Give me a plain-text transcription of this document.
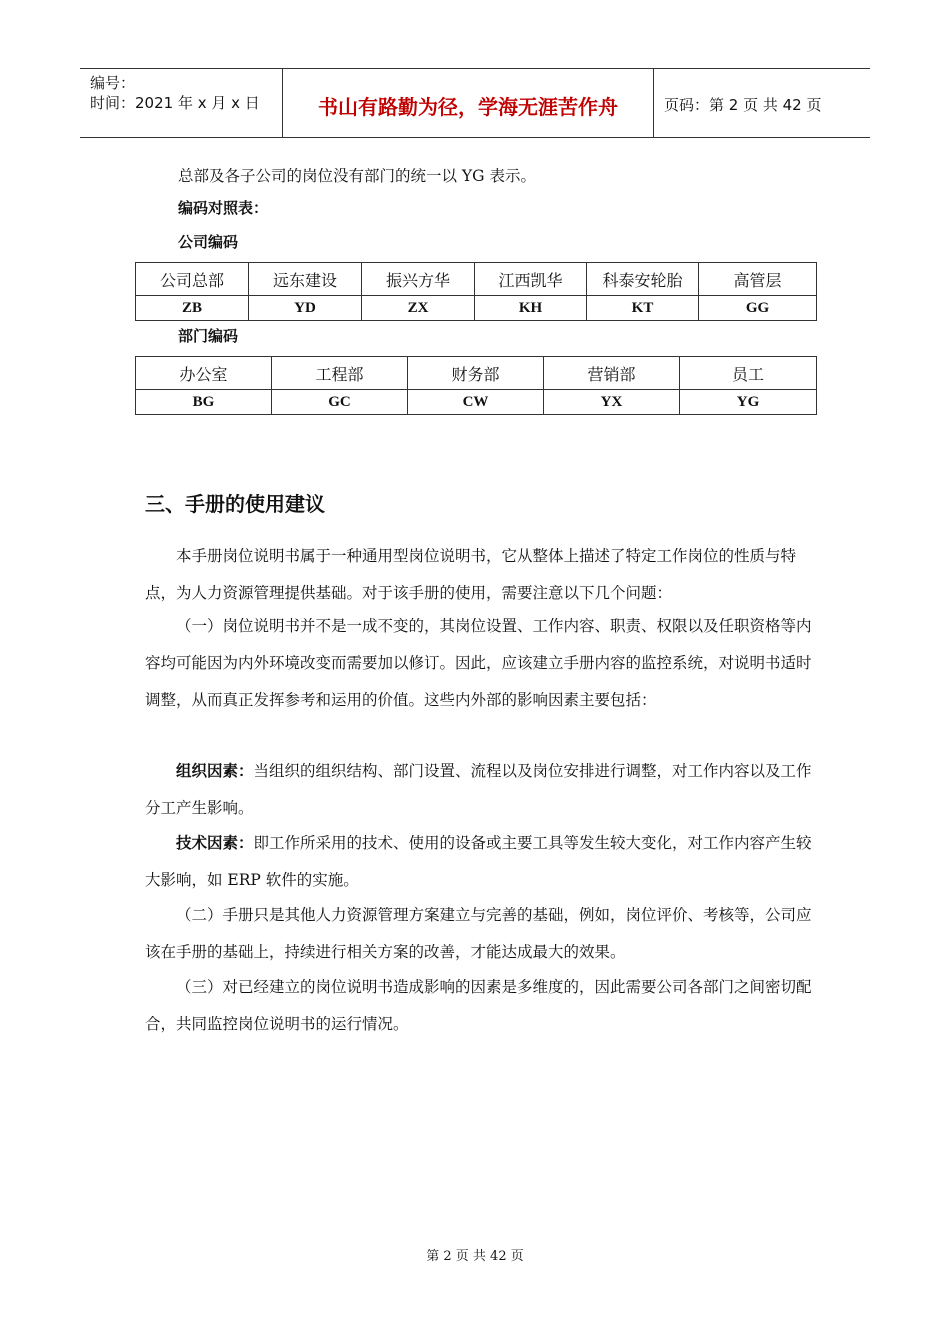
编号：
时间：2021 年 x 月 x 日	书山有路勤为径，学海无涯苦作舟	页码：第 2 页 共 42 页
总部及各子公司的岗位没有部门的统一以 YG 表示。
编码对照表：
公司编码
公司总部	远东建设	振兴方华	江西凯华	科泰安轮胎	高管层
ZB	YD	ZX	KH	KT	GG
部门编码
办公室	工程部	财务部	营销部	员工
BG	GC	CW	YX	YG
三、手册的使用建议
本手册岗位说明书属于一种通用型岗位说明书，它从整体上描述了特定工作岗位的性质与特点，为人力资源管理提供基础。对于该手册的使用，需要注意以下几个问题：
（一）岗位说明书并不是一成不变的，其岗位设置、工作内容、职责、权限以及任职资格等内容均可能因为内外环境改变而需要加以修订。因此，应该建立手册内容的监控系统，对说明书适时调整，从而真正发挥参考和运用的价值。这些内外部的影响因素主要包括：
组织因素：当组织的组织结构、部门设置、流程以及岗位安排进行调整，对工作内容以及工作分工产生影响。
技术因素：即工作所采用的技术、使用的设备或主要工具等发生较大变化，对工作内容产生较大影响，如 ERP 软件的实施。
（二）手册只是其他人力资源管理方案建立与完善的基础，例如，岗位评价、考核等，公司应该在手册的基础上，持续进行相关方案的改善，才能达成最大的效果。
（三）对已经建立的岗位说明书造成影响的因素是多维度的，因此需要公司各部门之间密切配合，共同监控岗位说明书的运行情况。
第 2 页 共 42 页
